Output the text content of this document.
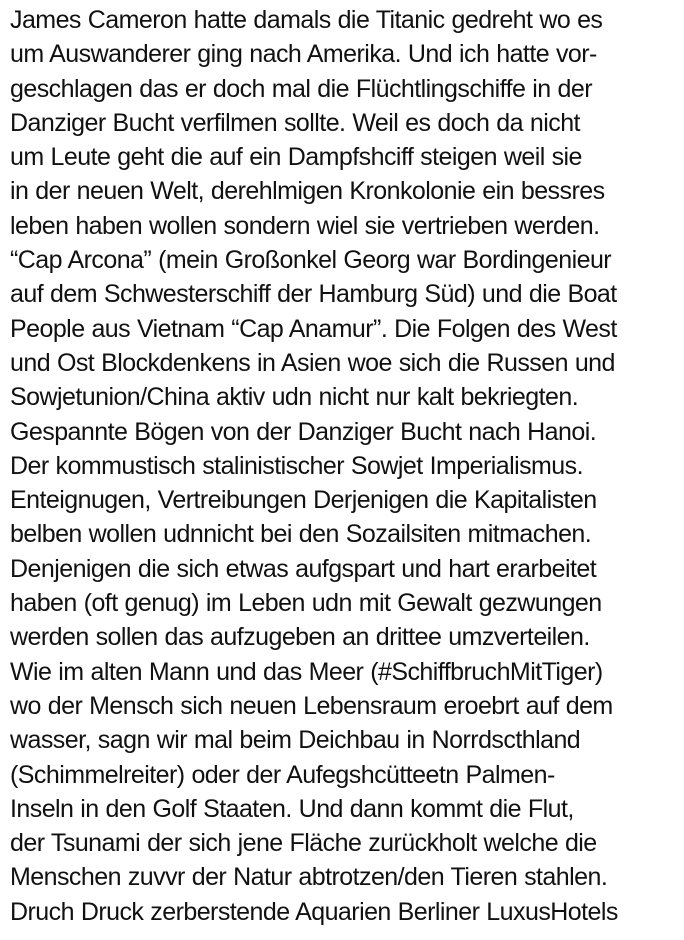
James Cameron hatte damals die Titanic gedreht wo es
um Auswanderer ging nach Amerika. Und ich hatte vor-
geschlagen das er doch mal die Flüchtlingschiffe in der
Danziger Bucht verfilmen sollte. Weil es doch da nicht
um Leute geht die auf ein Dampfshciff steigen weil sie
in der neuen Welt, derehlmigen Kronkolonie ein bessres
leben haben wollen sondern wiel sie vertrieben werden.
“Cap Arcona” (mein Großonkel Georg war Bordingenieur
auf dem Schwesterschiff der Hamburg Süd) und die Boat
People aus Vietnam “Cap Anamur”. Die Folgen des West
und Ost Blockdenkens in Asien woe sich die Russen und
Sowjetunion/China aktiv udn nicht nur kalt bekriegten.
Gespannte Bögen von der Danziger Bucht nach Hanoi.
Der kommustisch stalinistischer Sowjet Imperialismus.
Enteignugen, Vertreibungen Derjenigen die Kapitalisten
belben wollen udnnicht bei den Sozailsiten mitmachen.
Denjenigen die sich etwas aufgspart und hart erarbeitet
haben (oft genug) im Leben udn mit Gewalt gezwungen
werden sollen das aufzugeben an drittee umzverteilen.
Wie im alten Mann und das Meer (#SchiffbruchMitTiger)
wo der Mensch sich neuen Lebensraum eroebrt auf dem
wasser, sagn wir mal beim Deichbau in Norrdscthland
(Schimmelreiter) oder der Aufegshcütteetn Palmen-
Inseln in den Golf Staaten. Und dann kommt die Flut,
der Tsunami der sich jene Fläche zurückholt welche die
Menschen zuvvr der Natur abtrotzen/den Tieren stahlen.
Druch Druck zerberstende Aquarien Berliner LuxusHotels
